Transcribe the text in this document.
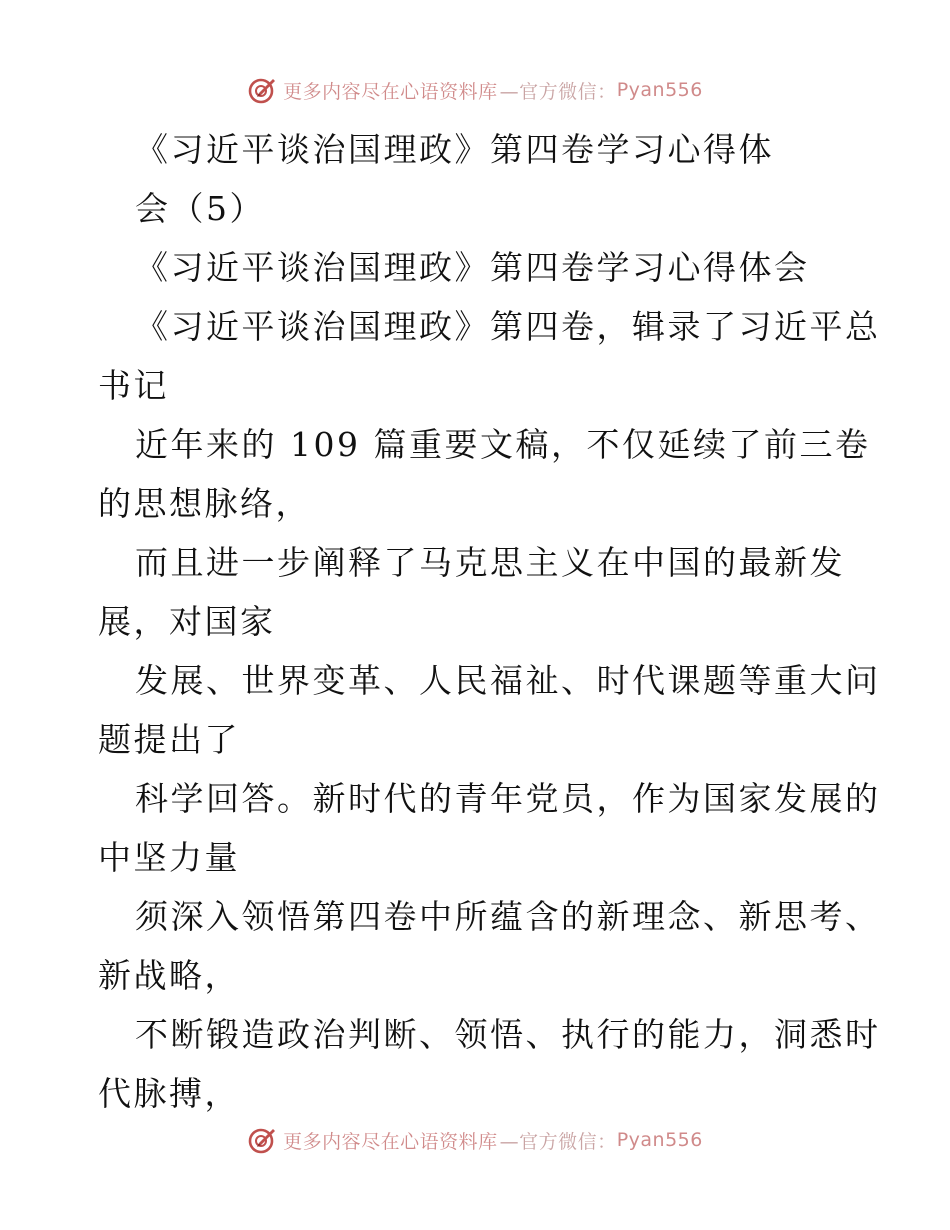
更多内容尽在心语资料库 —官方微信： Pyan556
《习近平谈治国理政》第四卷学习心得体
会（5）
《习近平谈治国理政》第四卷学习心得体会
《习近平谈治国理政》第四卷，辑录了习近平总
书记
近年来的 109 篇重要文稿，不仅延续了前三卷
的思想脉络，
而且进一步阐释了马克思主义在中国的最新发
展，对国家
发展、世界变革、人民福祉、时代课题等重大问
题提出了
科学回答。新时代的青年党员，作为国家发展的
中坚力量
须深入领悟第四卷中所蕴含的新理念、新思考、
新战略，
不断锻造政治判断、领悟、执行的能力，洞悉时
代脉搏，
更多内容尽在心语资料库 —官方微信： Pyan556
